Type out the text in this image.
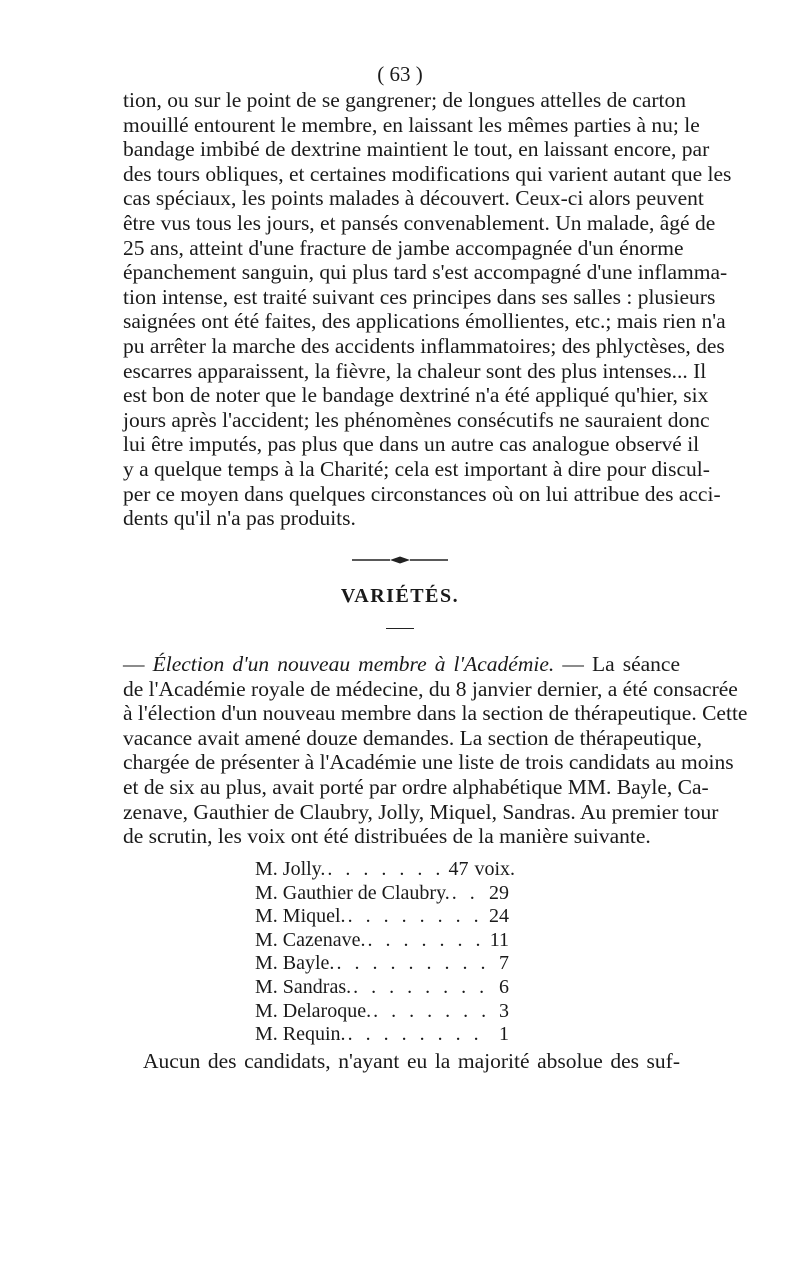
( 63 )
tion, ou sur le point de se gangrener; de longues attelles de carton
mouillé entourent le membre, en laissant les mêmes parties à nu; le
bandage imbibé de dextrine maintient le tout, en laissant encore, par
des tours obliques, et certaines modifications qui varient autant que les
cas spéciaux, les points malades à découvert. Ceux-ci alors peuvent
être vus tous les jours, et pansés convenablement. Un malade, âgé de
25 ans, atteint d'une fracture de jambe accompagnée d'un énorme
épanchement sanguin, qui plus tard s'est accompagné d'une inflamma-
tion intense, est traité suivant ces principes dans ses salles : plusieurs
saignées ont été faites, des applications émollientes, etc.; mais rien n'a
pu arrêter la marche des accidents inflammatoires; des phlyctèses, des
escarres apparaissent, la fièvre, la chaleur sont des plus intenses... Il
est bon de noter que le bandage dextriné n'a été appliqué qu'hier, six
jours après l'accident; les phénomènes consécutifs ne sauraient donc
lui être imputés, pas plus que dans un autre cas analogue observé il
y a quelque temps à la Charité; cela est important à dire pour discul-
per ce moyen dans quelques circonstances où on lui attribue des acci-
dents qu'il n'a pas produits.
VARIÉTÉS.
— Élection d'un nouveau membre à l'Académie. — La séance
de l'Académie royale de médecine, du 8 janvier dernier, a été consacrée
à l'élection d'un nouveau membre dans la section de thérapeutique. Cette
vacance avait amené douze demandes. La section de thérapeutique,
chargée de présenter à l'Académie une liste de trois candidats au moins
et de six au plus, avait porté par ordre alphabétique MM. Bayle, Ca-
zenave, Gauthier de Claubry, Jolly, Miquel, Sandras. Au premier tour
de scrutin, les voix ont été distribuées de la manière suivante.
M. Jolly. . . .	47 voix.
M. Gauthier de Claubry. . . . 29
M. Miquel. . . .	24
M. Cazenave. . . .	11
M. Bayle. . . .	7
M. Sandras. . . .	6
M. Delaroque. . . .	3
M. Requin. . . .	1
Aucun des candidats, n'ayant eu la majorité absolue des suf-
